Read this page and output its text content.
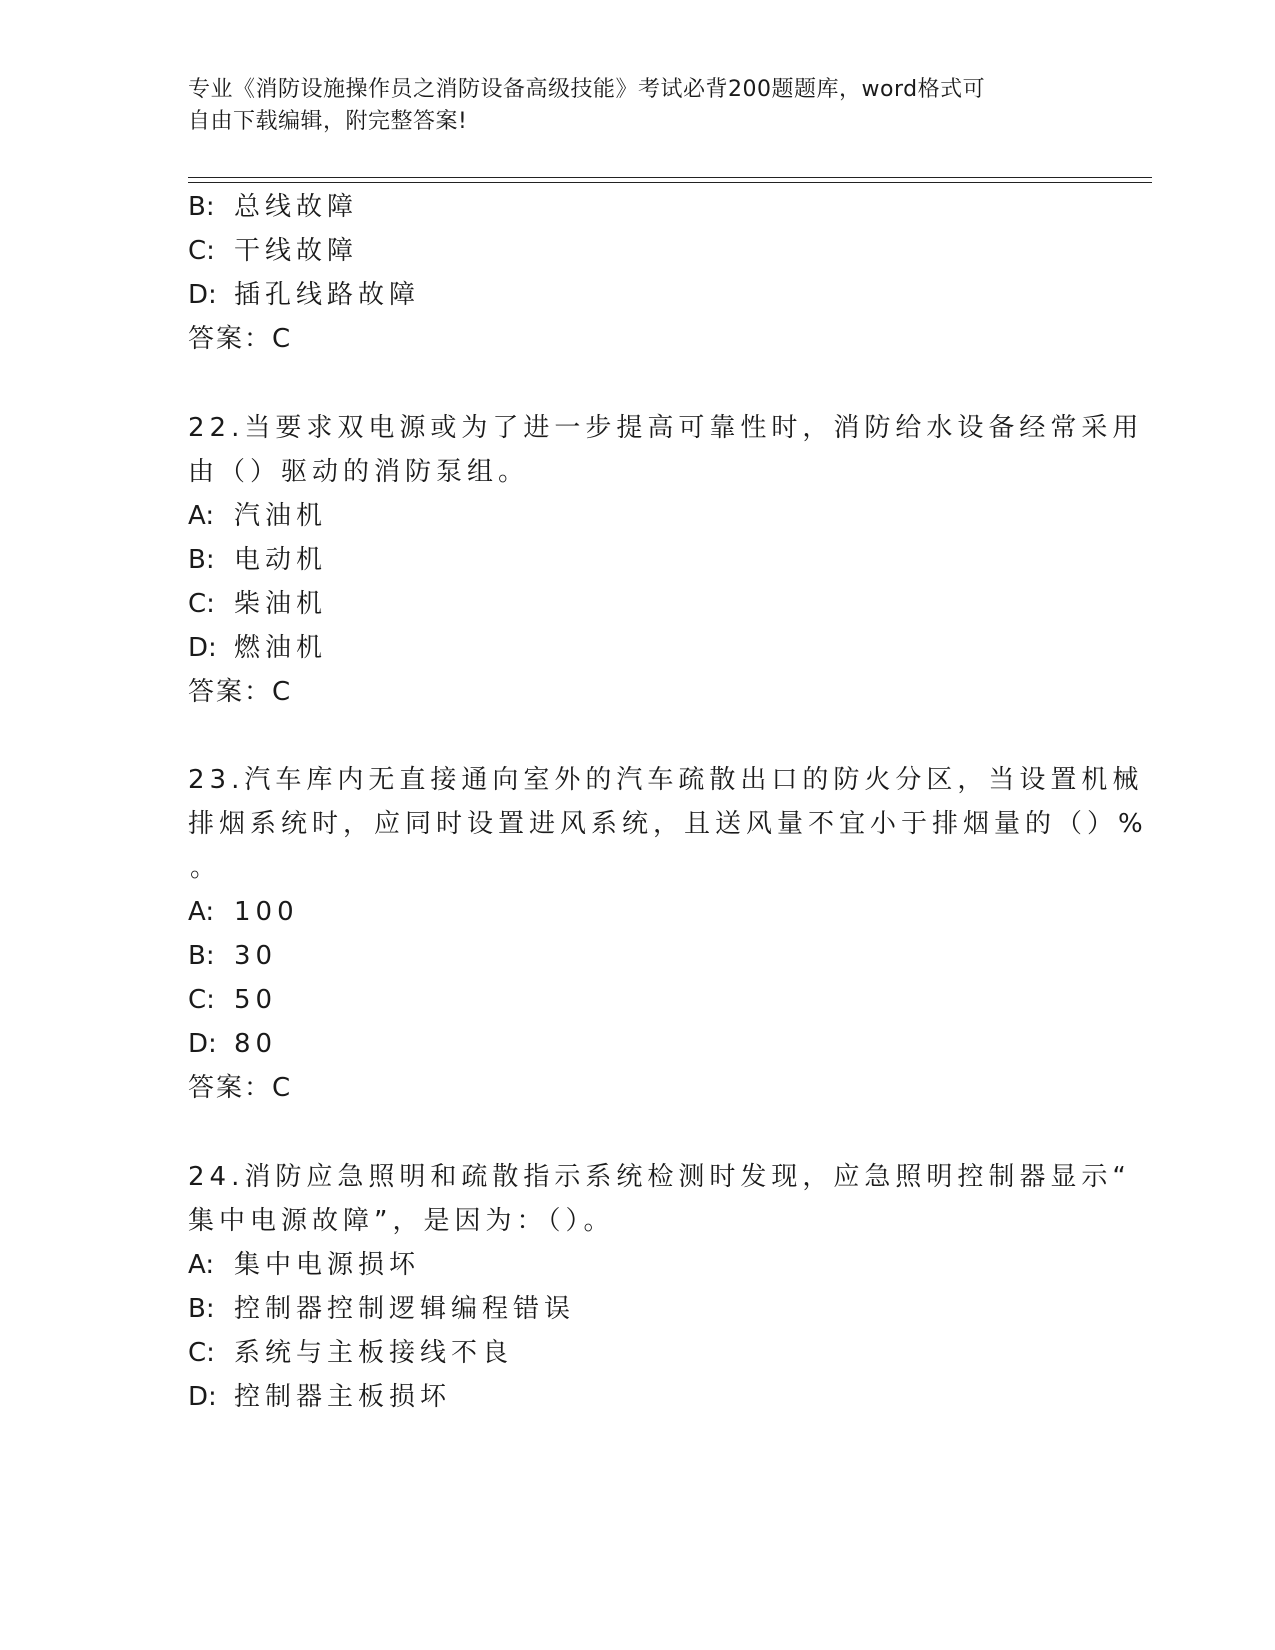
专业《消防设施操作员之消防设备高级技能》考试必背200题题库，word格式可
自由下载编辑，附完整答案!
B: 总线故障
C: 干线故障
D: 插孔线路故障
答案：C
22.当要求双电源或为了进一步提高可靠性时，消防给水设备经常采用
由（）驱动的消防泵组。
A: 汽油机
B: 电动机
C: 柴油机
D: 燃油机
答案：C
23.汽车库内无直接通向室外的汽车疏散出口的防火分区，当设置机械
排烟系统时，应同时设置进风系统，且送风量不宜小于排烟量的（）%
。
A: 100
B: 30
C: 50
D: 80
答案：C
24.消防应急照明和疏散指示系统检测时发现，应急照明控制器显示“
集中电源故障”，是因为：（）。
A: 集中电源损坏
B: 控制器控制逻辑编程错误
C: 系统与主板接线不良
D: 控制器主板损坏
